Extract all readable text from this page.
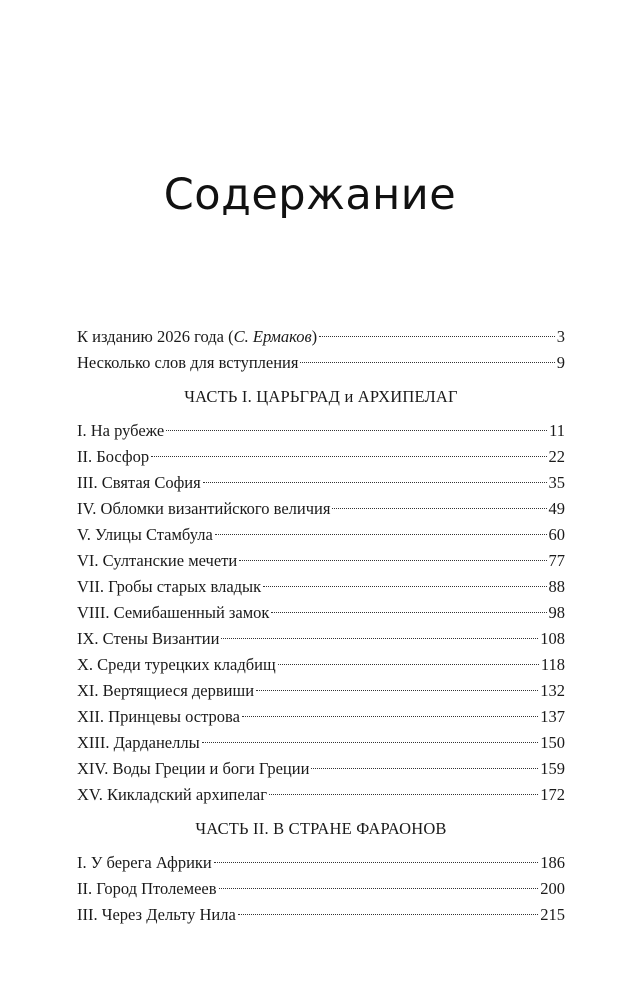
Содержание
К изданию 2026 года (С. Ермаков)	3
Несколько слов для вступления	9
ЧАСТЬ I. ЦАРЬГРАД и АРХИПЕЛАГ
I. На рубеже	11
II. Босфор	22
III. Святая София	35
IV. Обломки византийского величия	49
V. Улицы Стамбула	60
VI. Султанские мечети	77
VII. Гробы старых владык	88
VIII. Семибашенный замок	98
IX. Стены Византии	108
X. Среди турецких кладбищ	118
XI. Вертящиеся дервиши	132
XII. Принцевы острова	137
XIII. Дарданеллы	150
XIV. Воды Греции и боги Греции	159
XV. Кикладский архипелаг	172
ЧАСТЬ II. В СТРАНЕ ФАРАОНОВ
I. У берега Африки	186
II. Город Птолемеев	200
III. Через Дельту Нила	215
